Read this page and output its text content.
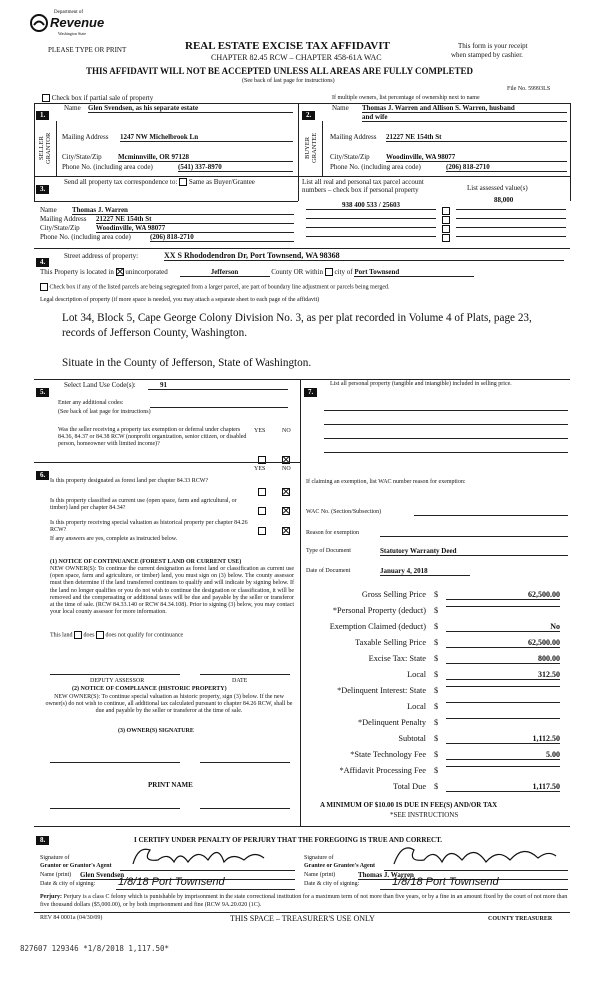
Department of
Revenue
Washington State
PLEASE TYPE OR PRINT	REAL ESTATE EXCISE TAX AFFIDAVIT
CHAPTER 82.45 RCW – CHAPTER 458-61A WAC
This form is your receipt
when stamped by cashier.
THIS AFFIDAVIT WILL NOT BE ACCEPTED UNLESS ALL AREAS ARE FULLY COMPLETED
(See back of last page for instructions)
File No. 59993LS
Check box if partial sale of property	If multiple owners, list percentage of ownership next to name
1.
Name Glen Svendsen, as his separate estate
SELLER
GRANTOR Mailing Address 1247 NW Michelbrook Ln
City/State/Zip Mcminnville, OR 97128
Phone No. (including area code)	(541) 337-8970
2.
Name Thomas J. Warren and Allison S. Warren, husband
and wife
BUYER
GRANTEE Mailing Address 21227 NE 154th St
City/State/Zip Woodinville, WA 98077
Phone No. (including area code)	(206) 818-2710
3.
Send all property tax correspondence to: Same as Buyer/Grantee	List all real and personal tax parcel account
numbers – check box if personal property	List assessed value(s)
Name Thomas J. Warren
Mailing Address 21227 NE 154th St
City/State/Zip Woodinville, WA 98077
Phone No. (including area code)	(206) 818-2710
938 400 533 / 25603
88,000
4.
Street address of property:	XX S Rhododendron Dr, Port Townsend, WA 98368
This Property is located in unincorporated	Jefferson	County OR within city of Port Townsend
Check box if any of the listed parcels are being segregated from a larger parcel, are part of boundary line adjustment or parcels being merged.
Legal description of property (if more space is needed, you may attach a separate sheet to each page of the affidavit)
Lot 34, Block 5, Cape George Colony Division No. 3, as per plat recorded in Volume 4 of Plats, page 23,
records of Jefferson County, Washington.
Situate in the County of Jefferson, State of Washington.
5.
Select Land Use Code(s):	91
Enter any additional codes:
(See back of last page for instructions)
YES	NO
Was the seller receiving a property tax exemption or deferral under chapters 84.36, 84.37 or 84.38 RCW (nonprofit organization, senior citizen, or disabled person, homeowner with limited income)?
6.
YES	NO
Is this property designated as forest land per chapter 84.33 RCW?
Is this property classified as current use (open space, farm and agricultural, or timber) land per chapter 84.34?
Is this property receiving special valuation as historical property per chapter 84.26 RCW?
If any answers are yes, complete as instructed below.
(1) NOTICE OF CONTINUANCE (FOREST LAND OR CURRENT USE)
NEW OWNER(S): To continue the current designation as forest land or classification as current use (open space, farm and agriculture, or timber) land, you must sign on (3) below. The county assessor must then determine if the land transferred continues to qualify and will indicate by signing below. If the land no longer qualifies or you do not wish to continue the designation or classification, it will be removed and the compensating or additional taxes will be due and payable by the seller or transferor at the time of sale. (RCW 84.33.140 or RCW 84.34.108). Prior to signing (3) below, you may contact your local county assessor for more information.
This land does does not qualify for continuance
DEPUTY ASSESSOR	DATE
(2) NOTICE OF COMPLIANCE (HISTORIC PROPERTY)
NEW OWNER(S): To continue special valuation as historic property, sign (3) below. If the new owner(s) do not wish to continue, all additional tax calculated pursuant to chapter 84.26 RCW, shall be due and payable by the seller or transferor at the time of sale.
(3) OWNER(S) SIGNATURE
PRINT NAME
7.
List all personal property (tangible and intangible) included in selling price.
If claiming an exemption, list WAC number reason for exemption:
WAC No. (Section/Subsection)
Reason for exemption
Type of Document	Statutory Warranty Deed
Date of Document	January 4, 2018
Gross Selling Price $	62,500.00
*Personal Property (deduct) $
Exemption Claimed (deduct) $	No
Taxable Selling Price $	62,500.00
Excise Tax: State $	800.00
Local $	312.50
*Delinquent Interest: State $
Local $
*Delinquent Penalty $
Subtotal $	1,112.50
*State Technology Fee $	5.00
*Affidavit Processing Fee $
Total Due $	1,117.50
A MINIMUM OF $10.00 IS DUE IN FEE(S) AND/OR TAX
*SEE INSTRUCTIONS
8.	I CERTIFY UNDER PENALTY OF PERJURY THAT THE FOREGOING IS TRUE AND CORRECT.
Signature of
Grantor or Grantor's Agent
Name (print) Glen Svendsen
Date & city of signing: 1/8/18 Port Townsend
Signature of
Grantee or Grantee's Agent
Name (print)	Thomas J. Warren
Date & city of signing:	1/8/18 Port Townsend
Perjury: Perjury is a class C felony which is punishable by imprisonment in the state correctional institution for a maximum term of not more than five years, or by a fine in an amount fixed by the court of not more than five thousand dollars ($5,000.00), or by both imprisonment and fine (RCW 9A.20.020 (1C).
REV 84 0001a (04/30/09)	THIS SPACE – TREASURER'S USE ONLY	COUNTY TREASURER
827607 129346 *1/8/2018 1,117.50*
